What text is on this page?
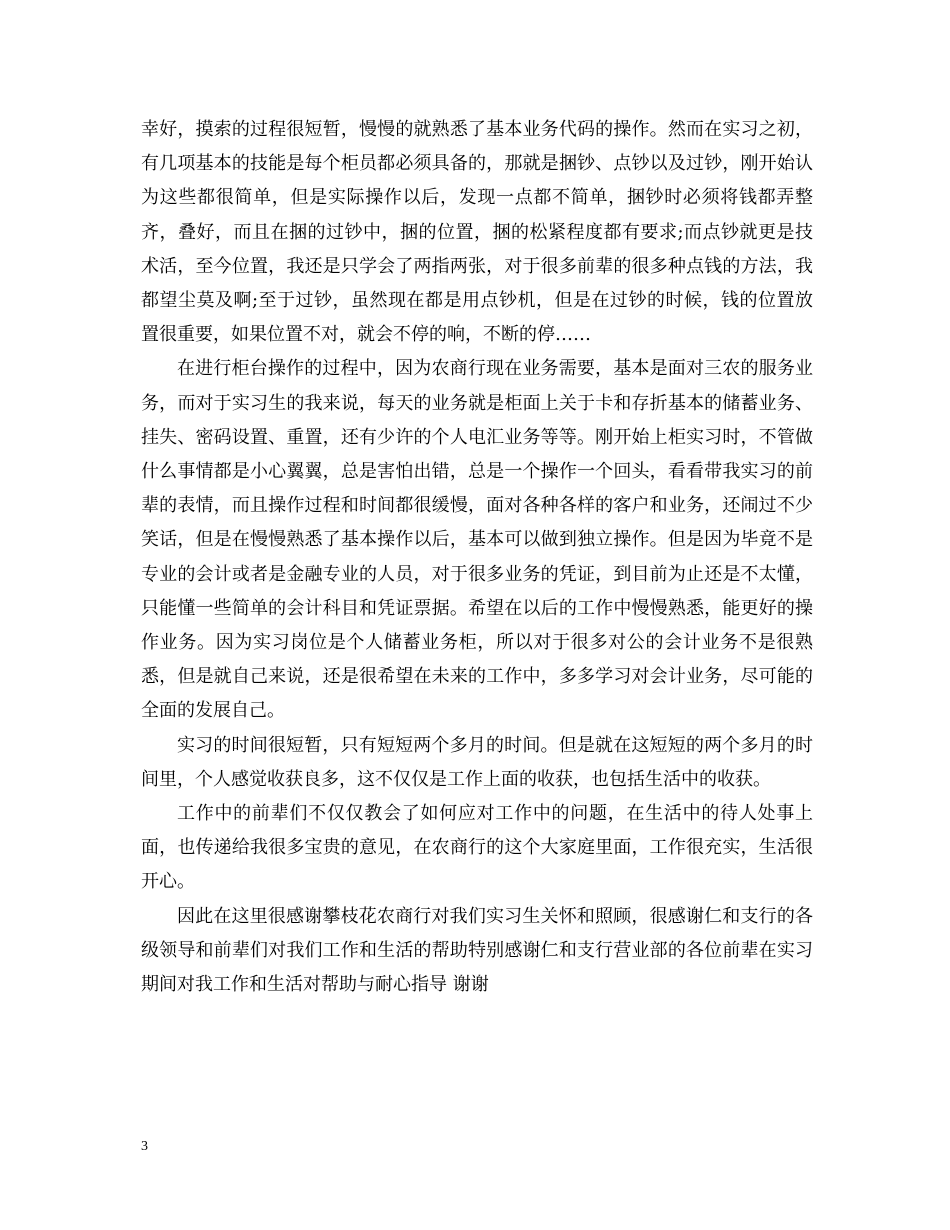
幸好，摸索的过程很短暂，慢慢的就熟悉了基本业务代码的操作。然而在实习之初，有几项基本的技能是每个柜员都必须具备的，那就是捆钞、点钞以及过钞，刚开始认为这些都很简单，但是实际操作以后，发现一点都不简单，捆钞时必须将钱都弄整齐，叠好，而且在捆的过钞中，捆的位置，捆的松紧程度都有要求;而点钞就更是技术活，至今位置，我还是只学会了两指两张，对于很多前辈的很多种点钱的方法，我都望尘莫及啊;至于过钞，虽然现在都是用点钞机，但是在过钞的时候，钱的位置放置很重要，如果位置不对，就会不停的响，不断的停……

在进行柜台操作的过程中，因为农商行现在业务需要，基本是面对三农的服务业务，而对于实习生的我来说，每天的业务就是柜面上关于卡和存折基本的储蓄业务、挂失、密码设置、重置，还有少许的个人电汇业务等等。刚开始上柜实习时，不管做什么事情都是小心翼翼，总是害怕出错，总是一个操作一个回头，看看带我实习的前辈的表情，而且操作过程和时间都很缓慢，面对各种各样的客户和业务，还闹过不少笑话，但是在慢慢熟悉了基本操作以后，基本可以做到独立操作。但是因为毕竟不是专业的会计或者是金融专业的人员，对于很多业务的凭证，到目前为止还是不太懂，只能懂一些简单的会计科目和凭证票据。希望在以后的工作中慢慢熟悉，能更好的操作业务。因为实习岗位是个人储蓄业务柜，所以对于很多对公的会计业务不是很熟悉，但是就自己来说，还是很希望在未来的工作中，多多学习对会计业务，尽可能的全面的发展自己。

实习的时间很短暂，只有短短两个多月的时间。但是就在这短短的两个多月的时间里，个人感觉收获良多，这不仅仅是工作上面的收获，也包括生活中的收获。

工作中的前辈们不仅仅教会了如何应对工作中的问题，在生活中的待人处事上面，也传递给我很多宝贵的意见，在农商行的这个大家庭里面，工作很充实，生活很开心。

因此在这里很感谢攀枝花农商行对我们实习生关怀和照顾，很感谢仁和支行的各级领导和前辈们对我们工作和生活的帮助特别感谢仁和支行营业部的各位前辈在实习期间对我工作和生活对帮助与耐心指导 谢谢

3
